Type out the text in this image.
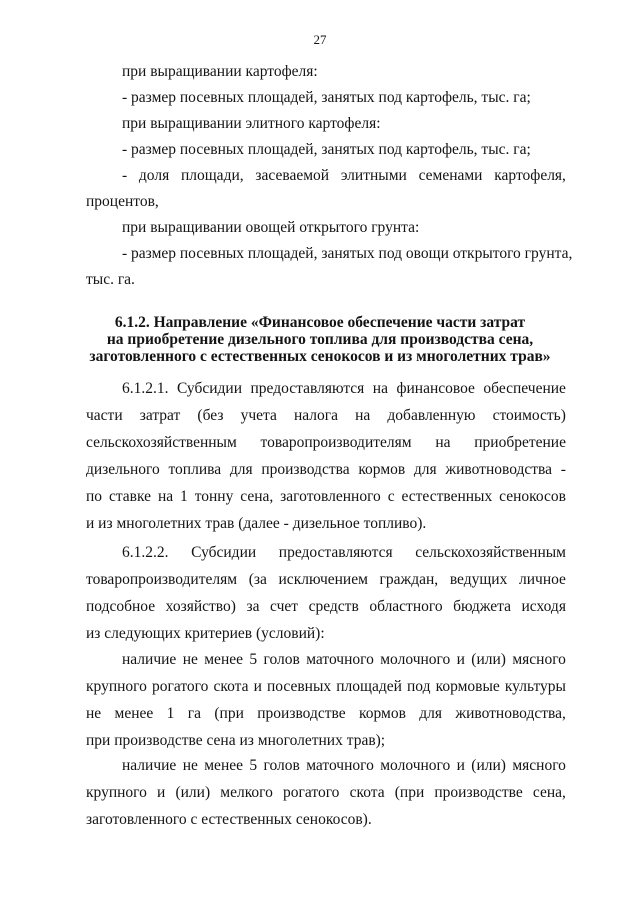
27
при выращивании картофеля:
- размер посевных площадей, занятых под картофель, тыс. га;
при выращивании элитного картофеля:
- размер посевных площадей, занятых под картофель, тыс. га;
- доля площади, засеваемой элитными семенами картофеля,
процентов,
при выращивании овощей открытого грунта:
- размер посевных площадей, занятых под овощи открытого грунта,
тыс. га.
6.1.2. Направление «Финансовое обеспечение части затрат
на приобретение дизельного топлива для производства сена,
заготовленного с естественных сенокосов и из многолетних трав»
6.1.2.1. Субсидии предоставляются на финансовое обеспечение
части затрат (без учета налога на добавленную стоимость)
сельскохозяйственным товаропроизводителям на приобретение
дизельного топлива для производства кормов для животноводства -
по ставке на 1 тонну сена, заготовленного с естественных сенокосов
и из многолетних трав (далее - дизельное топливо).
6.1.2.2. Субсидии предоставляются сельскохозяйственным
товаропроизводителям (за исключением граждан, ведущих личное
подсобное хозяйство) за счет средств областного бюджета исходя
из следующих критериев (условий):
наличие не менее 5 голов маточного молочного и (или) мясного
крупного рогатого скота и посевных площадей под кормовые культуры
не менее 1 га (при производстве кормов для животноводства,
при производстве сена из многолетних трав);
наличие не менее 5 голов маточного молочного и (или) мясного
крупного и (или) мелкого рогатого скота (при производстве сена,
заготовленного с естественных сенокосов).
